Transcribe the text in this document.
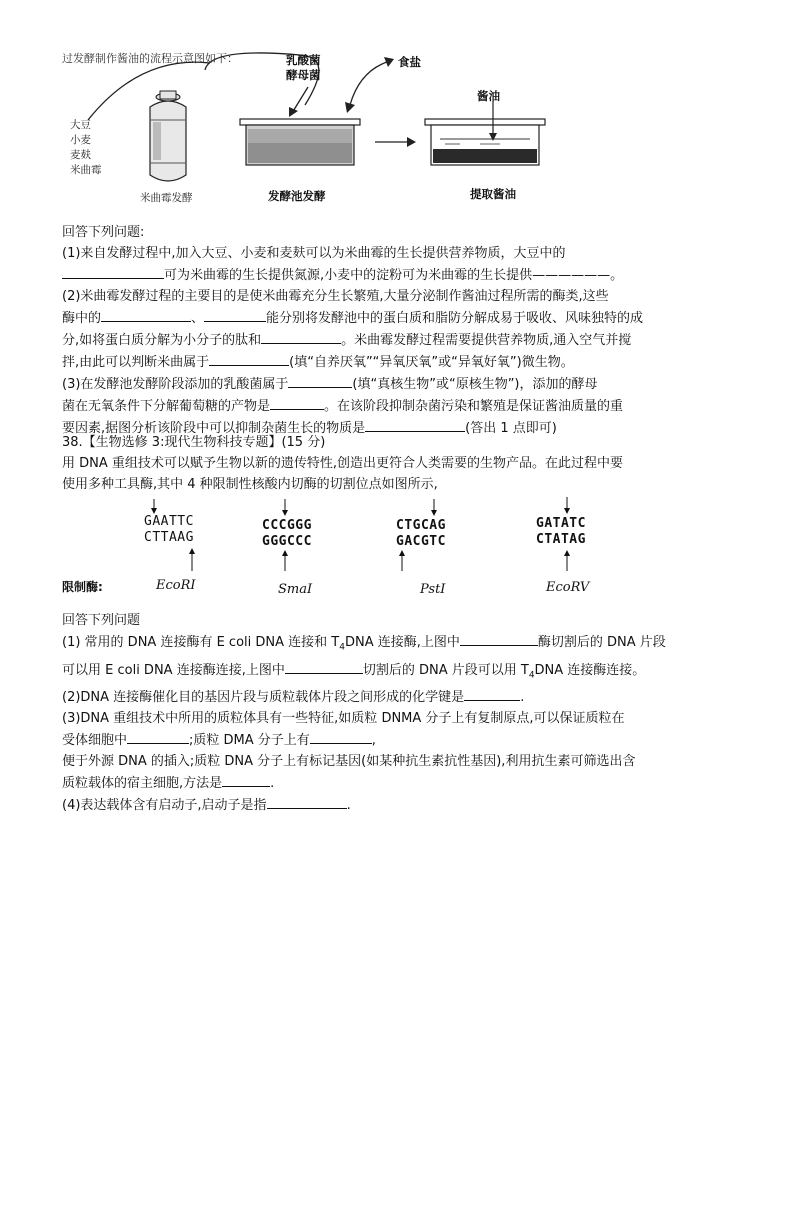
过发酵制作酱油的流程示意图如下：
大豆
小麦
麦麸
米曲霉
米曲霉发酵
乳酸菌
酵母菌
食盐
发酵池发酵
酱油
提取酱油
回答下列问题:
(1)来自发酵过程中,加入大豆、小麦和麦麸可以为米曲霉的生长提供营养物质，大豆中的
可为米曲霉的生长提供氮源,小麦中的淀粉可为米曲霉的生长提供——————。
(2)米曲霉发酵过程的主要目的是使米曲霉充分生长繁殖,大量分泌制作酱油过程所需的酶类,这些
酶中的	、	能分别将发酵池中的蛋白质和脂防分解成易于吸收、风味独特的成
分,如将蛋白质分解为小分子的肽和	。米曲霉发酵过程需要提供营养物质,通入空气并搅
拌,由此可以判断米曲属于	(填“自养厌氧”“异氧厌氧”或“异氧好氧”)微生物。
(3)在发酵池发酵阶段添加的乳酸菌属于	(填“真核生物”或“原核生物”)，添加的酵母
菌在无氧条件下分解葡萄糖的产物是	。在该阶段抑制杂菌污染和繁殖是保证酱油质量的重
要因素,据图分析该阶段中可以抑制杂菌生长的物质是	(答出 1 点即可)
38.【生物选修 3:现代生物科技专题】(15 分)
用 DNA 重组技术可以赋予生物以新的遗传特性,创造出更符合人类需要的生物产品。在此过程中要
使用多种工具酶,其中 4 种限制性核酸内切酶的切割位点如图所示,
GAATTC
CTTAAG
CCCGGG
GGGCCC
CTGCAG
GACGTC
GATATC
CTATAG
限制酶:	EcoRI	SmaI	PstI	EcoRV
回答下列问题
(1) 常用的 DNA 连接酶有 E coli DNA 连接和 $T_4DNA$ 连接酶,上图中	酶切割后的 DNA 片段
可以用 E coli DNA 连接酶连接,上图中	切割后的 DNA 片段可以用 $T_4DNA$ 连接酶连接。
(2)DNA 连接酶催化目的基因片段与质粒载体片段之间形成的化学键是	.
(3)DNA 重组技术中所用的质粒体具有一些特征,如质粒 DNMA 分子上有复制原点,可以保证质粒在
受体细胞中	;质粒 DMA 分子上有	,
便于外源 DNA 的插入;质粒 DNA 分子上有标记基因(如某种抗生素抗性基因),利用抗生素可筛选出含
质粒载体的宿主细胞,方法是	.
(4)表达载体含有启动子,启动子是指	.
